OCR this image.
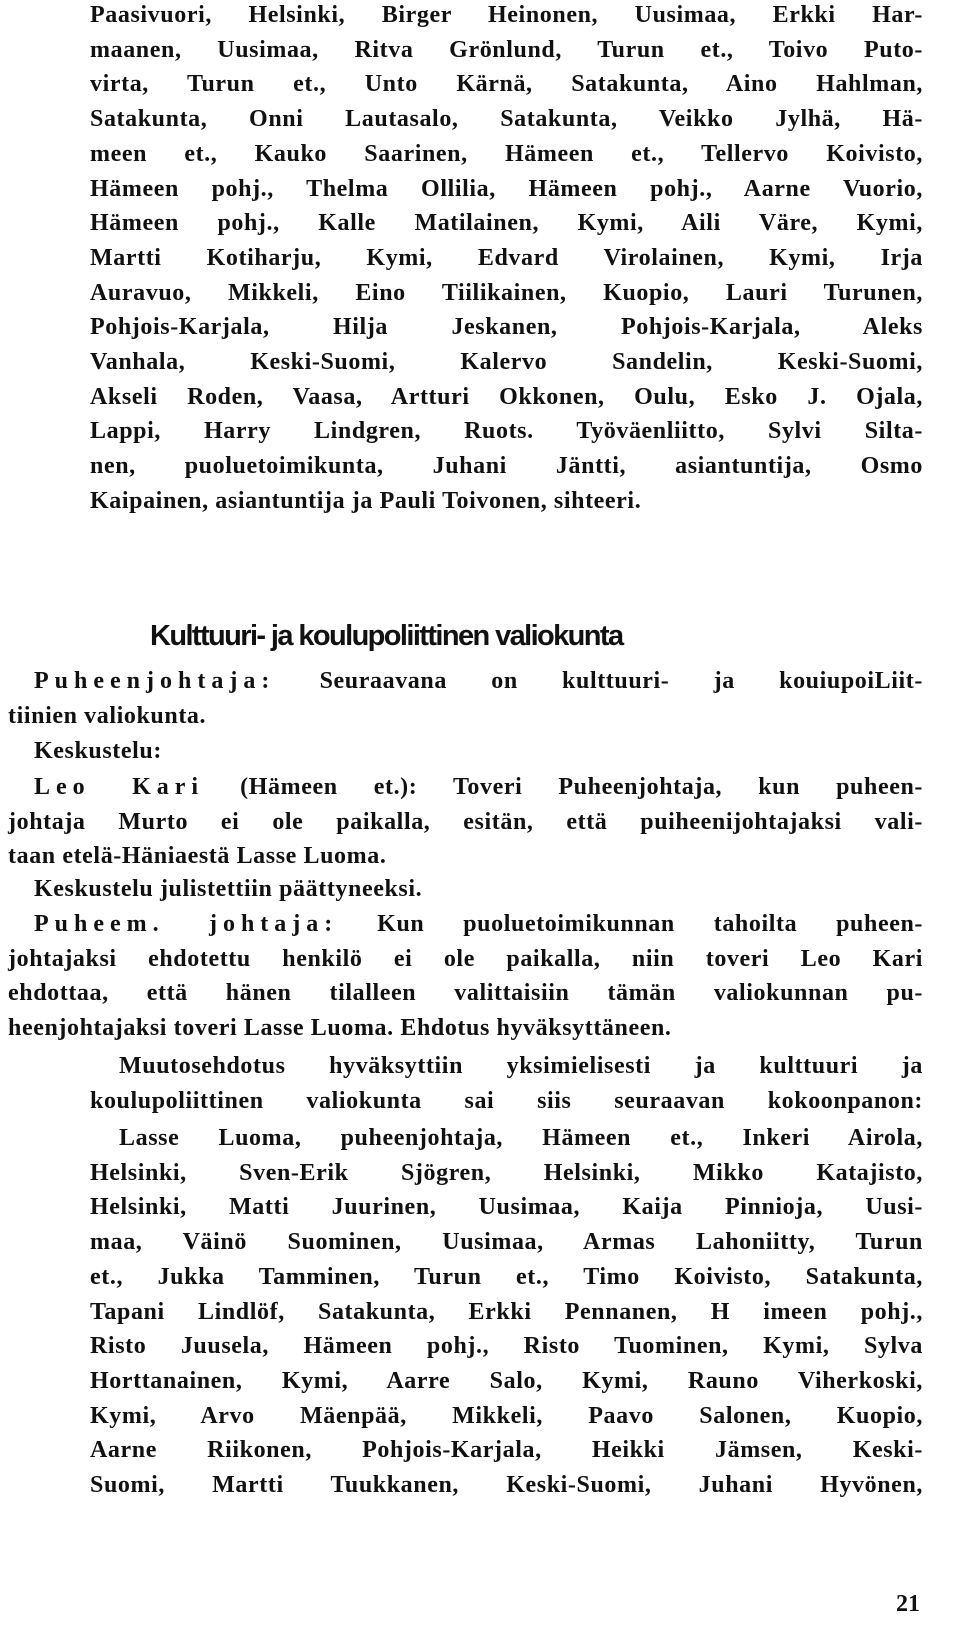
Paasivuori, Helsinki, Birger Heinonen, Uusimaa, Erkki Har-
maanen, Uusimaa, Ritva Grönlund, Turun et., Toivo Puto-
virta, Turun et., Unto Kärnä, Satakunta, Aino Hahlman,
Satakunta, Onni Lautasalo, Satakunta, Veikko Jylhä, Hä-
meen et., Kauko Saarinen, Hämeen et., Tellervo Koivisto,
Hämeen pohj., Thelma Ollilia, Hämeen pohj., Aarne Vuorio,
Hämeen pohj., Kalle Matilainen, Kymi, Aili Väre, Kymi,
Martti Kotiharju, Kymi, Edvard Virolainen, Kymi, Irja
Auravuo, Mikkeli, Eino Tiilikainen, Kuopio, Lauri Turunen,
Pohjois-Karjala, Hilja Jeskanen, Pohjois-Karjala, Aleks
Vanhala, Keski-Suomi, Kalervo Sandelin, Keski-Suomi,
Akseli Roden, Vaasa, Artturi Okkonen, Oulu, Esko J. Ojala,
Lappi, Harry Lindgren, Ruots. Työväenliitto, Sylvi Silta-
nen, puoluetoimikunta, Juhani Jäntti, asiantuntija, Osmo
Kaipainen, asiantuntija ja Pauli Toivonen, sihteeri.
Kulttuuri- ja koulupoliittinen valiokunta
Puheenjohtaja: Seuraavana on kulttuuri- ja kouiupoiLiit-
tiinien valiokunta.
Keskustelu:
Leo Kari (Hämeen et.): Toveri Puheenjohtaja, kun puheen-
johtaja Murto ei ole paikalla, esitän, että puiheenijohtajaksi vali-
taan etelä-Häniaestä Lasse Luoma.
Keskustelu julistettiin päättyneeksi.
Puheem. johtaja: Kun puoluetoimikunnan tahoilta puheen-
johtajaksi ehdotettu henkilö ei ole paikalla, niin toveri Leo Kari
ehdottaa, että hänen tilalleen valittaisiin tämän valiokunnan pu-
heenjohtajaksi toveri Lasse Luoma. Ehdotus hyväksyttäneen.
Muutosehdotus hyväksyttiin yksimielisesti ja kulttuuri ja
koulupoliittinen valiokunta sai siis seuraavan kokoonpanon:
Lasse Luoma, puheenjohtaja, Hämeen et., Inkeri Airola,
Helsinki, Sven-Erik Sjögren, Helsinki, Mikko Katajisto,
Helsinki, Matti Juurinen, Uusimaa, Kaija Pinnioja, Uusi-
maa, Väinö Suominen, Uusimaa, Armas Lahoniitty, Turun
et., Jukka Tamminen, Turun et., Timo Koivisto, Satakunta,
Tapani Lindlöf, Satakunta, Erkki Pennanen, H imeen pohj.,
Risto Juusela, Hämeen pohj., Risto Tuominen, Kymi, Sylva
Horttanainen, Kymi, Aarre Salo, Kymi, Rauno Viherkoski,
Kymi, Arvo Mäenpää, Mikkeli, Paavo Salonen, Kuopio,
Aarne Riikonen, Pohjois-Karjala, Heikki Jämsen, Keski-
Suomi, Martti Tuukkanen, Keski-Suomi, Juhani Hyvönen,

21
